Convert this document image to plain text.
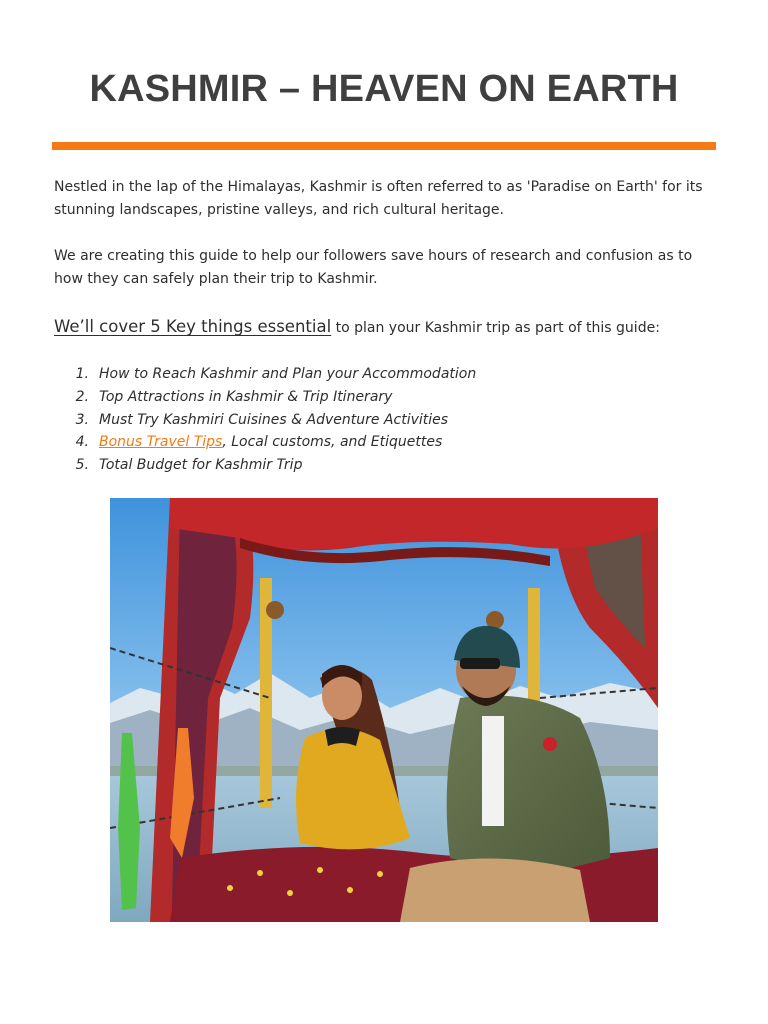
KASHMIR – HEAVEN ON EARTH

Nestled in the lap of the Himalayas, Kashmir is often referred to as 'Paradise on Earth' for its stunning landscapes, pristine valleys, and rich cultural heritage.

We are creating this guide to help our followers save hours of research and confusion as to how they can safely plan their trip to Kashmir.

We’ll cover 5 Key things essential to plan your Kashmir trip as part of this guide:

1. How to Reach Kashmir and Plan your Accommodation
2. Top Attractions in Kashmir & Trip Itinerary
3. Must Try Kashmiri Cuisines & Adventure Activities
4. Bonus Travel Tips, Local customs, and Etiquettes
5. Total Budget for Kashmir Trip
